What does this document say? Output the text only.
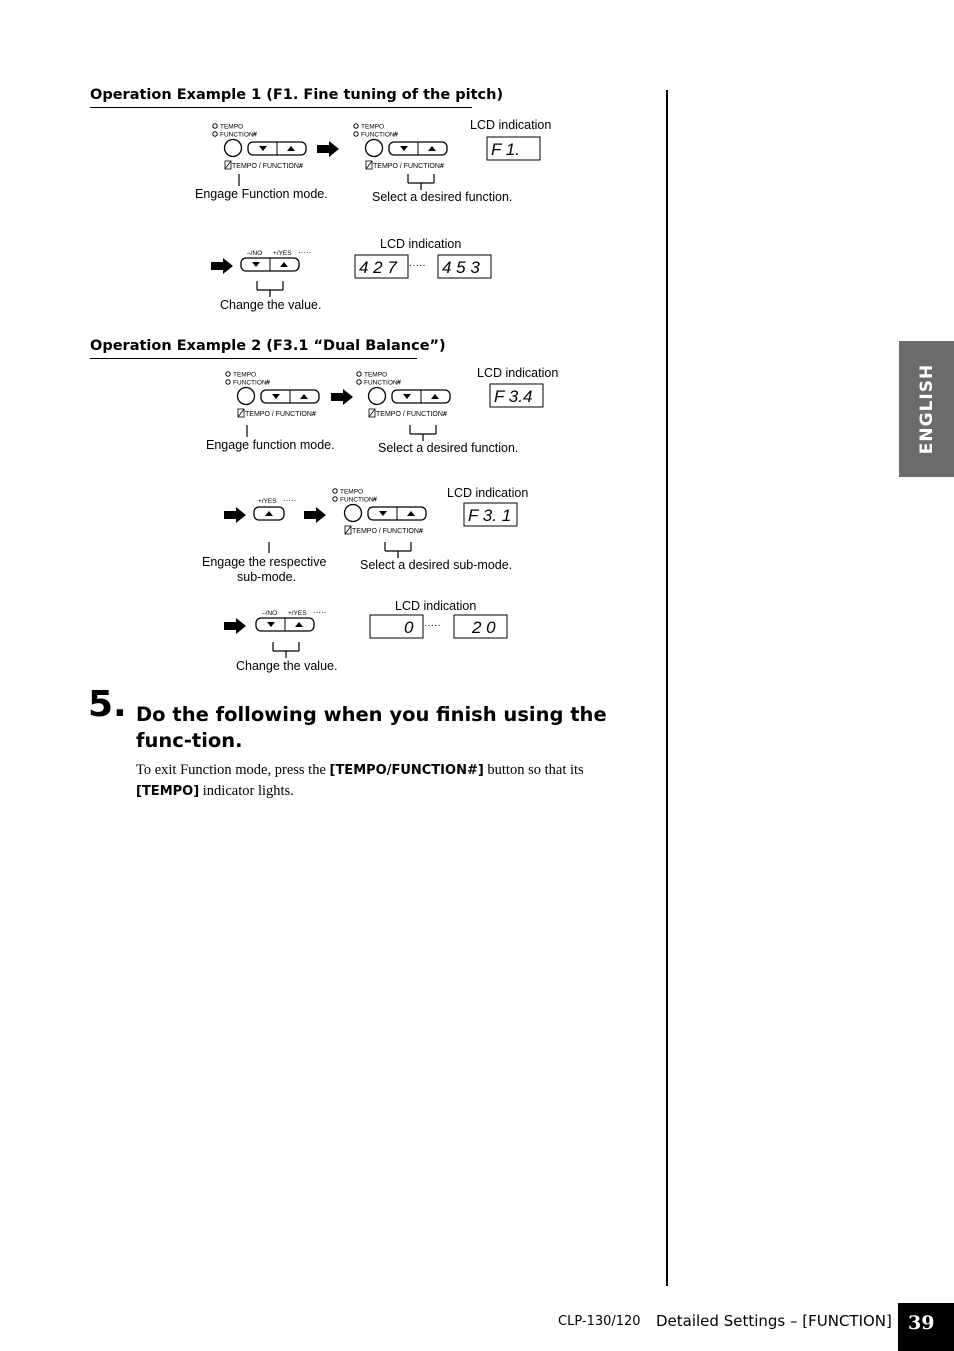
Operation Example 1 (F1. Fine tuning of the pitch)
Operation Example 2 (F3.1 “Dual Balance”)
TEMPO
FUNCTION #
TEMPO / FUNCTION #
Engage Function mode.
TEMPO
FUNCTION #
TEMPO / FUNCTION #
Select a desired function.
LCD indication
F 1.
–/NO +/YES ·····
Change the value.
LCD indication
4 2 7 ····· 4 5 3
TEMPO
FUNCTION #
TEMPO / FUNCTION #
Engage function mode.
TEMPO
FUNCTION #
TEMPO / FUNCTION #
Select a desired function.
LCD indication
F 3.4
+/YES ·····
Engage the respective
sub-mode.
TEMPO
FUNCTION #
TEMPO / FUNCTION #
Select a desired sub-mode.
LCD indication
F 3. 1
–/NO +/YES ·····
Change the value.
LCD indication
0 ····· 2 0
5. Do the following when you finish using the func-tion.
To exit Function mode, press the [TEMPO/FUNCTION#] button so that its [TEMPO] indicator lights.
ENGLISH
CLP-130/120 Detailed Settings – [FUNCTION] 39
